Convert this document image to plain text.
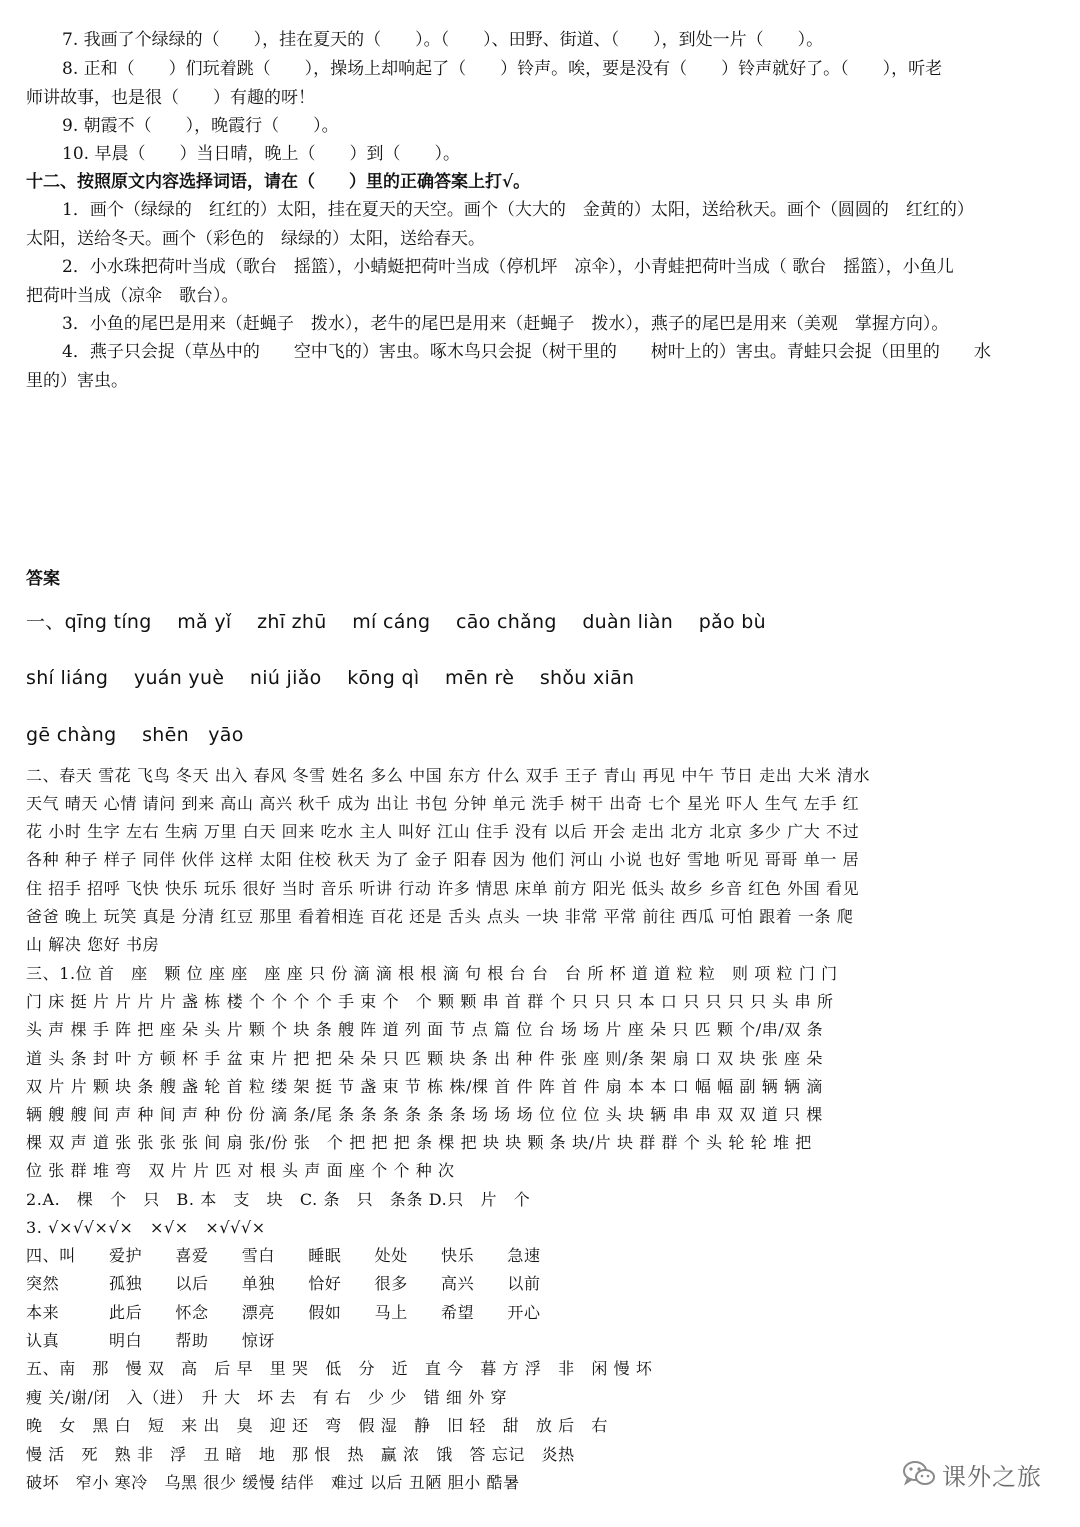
7. 我画了个绿绿的（　　），挂在夏天的（　　）。（　　）、田野、街道、（　　），到处一片（　　）。
8. 正和（　　）们玩着跳（　　），操场上却响起了（　　）铃声。唉，要是没有（　　）铃声就好了。（　　），听老
师讲故事，也是很（　　）有趣的呀！
9. 朝霞不（　　），晚霞行（　　）。
10. 早晨（　　）当日晴，晚上（　　）到（　　）。
十二、按照原文内容选择词语，请在（　　）里的正确答案上打√。
1．画个（绿绿的　红红的）太阳，挂在夏天的天空。画个（大大的　金黄的）太阳，送给秋天。画个（圆圆的　红红的）
太阳，送给冬天。画个（彩色的　绿绿的）太阳，送给春天。
2．小水珠把荷叶当成（歌台　摇篮），小蜻蜓把荷叶当成（停机坪　凉伞），小青蛙把荷叶当成（ 歌台　摇篮），小鱼儿
把荷叶当成（凉伞　歌台）。
3．小鱼的尾巴是用来（赶蝇子　拨水），老牛的尾巴是用来（赶蝇子　拨水），燕子的尾巴是用来（美观　掌握方向）。
4．燕子只会捉（草丛中的　　空中飞的）害虫。啄木鸟只会捉（树干里的　　树叶上的）害虫。青蛙只会捉（田里的　　水
里的）害虫。
答案
一、qīng tíng　 mǎ yǐ　 zhī zhū　 mí cáng　 cāo chǎng　 duàn liàn　 pǎo bù
shí liáng　 yuán yuè　 niú jiǎo　 kōng qì　 mēn rè　 shǒu xiān
gē chàng　 shēn　yāo
二、春天 雪花 飞鸟 冬天 出入 春风 冬雪 姓名 多么 中国 东方 什么 双手 王子 青山 再见 中午 节日 走出 大米 清水
天气 晴天 心情 请问 到来 高山 高兴 秋千 成为 出让 书包 分钟 单元 洗手 树干 出奇 七个 星光 吓人 生气 左手 红
花 小时 生字 左右 生病 万里 白天 回来 吃水 主人 叫好 江山 住手 没有 以后 开会 走出 北方 北京 多少 广大 不过
各种 种子 样子 同伴 伙伴 这样 太阳 住校 秋天 为了 金子 阳春 因为 他们 河山 小说 也好 雪地 听见 哥哥 单一 居
住 招手 招呼 飞快 快乐 玩乐 很好 当时 音乐 听讲 行动 许多 情思 床单 前方 阳光 低头 故乡 乡音 红色 外国 看见
爸爸 晚上 玩笑 真是 分清 红豆 那里 看着相连 百花 还是 舌头 点头 一块 非常 平常 前往 西瓜 可怕 跟着 一条 爬
山 解决 您好 书房
三、1.位 首　座　颗 位 座 座　座 座 只 份 滴 滴 根 根 滴 句 根 台 台　台 所 杯 道 道 粒 粒　则 项 粒 门 门
门 床 挺 片 片 片 片 盏 栋 楼 个 个 个 个 手 束 个　个 颗 颗 串 首 群 个 只 只 只 本 口 只 只 只 只 头 串 所
头 声 棵 手 阵 把 座 朵 头 片 颗 个 块 条 艘 阵 道 列 面 节 点 篇 位 台 场 场 片 座 朵 只 匹 颗 个/串/双 条
道 头 条 封 叶 方 顿 杯 手 盆 束 片 把 把 朵 朵 只 匹 颗 块 条 出 种 件 张 座 则/条 架 扇 口 双 块 张 座 朵
双 片 片 颗 块 条 艘 盏 轮 首 粒 缕 架 挺 节 盏 束 节 栋 株/棵 首 件 阵 首 件 扇 本 本 口 幅 幅 副 辆 辆 滴
辆 艘 艘 间 声 种 间 声 种 份 份 滴 条/尾 条 条 条 条 条 条 场 场 场 位 位 位 头 块 辆 串 串 双 双 道 只 棵
棵 双 声 道 张 张 张 张 间 扇 张/份 张　个 把 把 把 条 棵 把 块 块 颗 条 块/片 块 群 群 个 头 轮 轮 堆 把
位 张 群 堆 弯　双 片 片 匹 对 根 头 声 面 座 个 个 种 次
2.A.　棵　个　只　B. 本　支　块　C. 条　只　条条 D.只　片　个
3. √×√√×√×　×√×　×√√√×
四、叫　　爱护　　喜爱　　雪白　　睡眠　　处处　　快乐　　急速
突然　　　孤独　　以后　　单独　　恰好　　很多　　高兴　　以前
本来　　　此后　　怀念　　漂亮　　假如　　马上　　希望　　开心
认真　　　明白　　帮助　　惊讶
五、南　那　慢 双　高　后 早　里 哭　低　分　近　直 今　暮 方 浮　非　闲 慢 坏
瘦 关/谢/闭　入（进）　升 大　坏 去　有 右　少 少　错 细 外 穿
晚　女　黑 白　短　来 出　臭　迎 还　弯　假 湿　静　旧 轻　甜　放 后　右
慢 活　死　熟 非　浮　丑 暗　地　那 恨　热　赢 浓　饿　答 忘记　炎热
破坏　窄小 寒冷　乌黑 很少 缓慢 结伴　难过 以后 丑陋 胆小 酷暑	课外之旅
